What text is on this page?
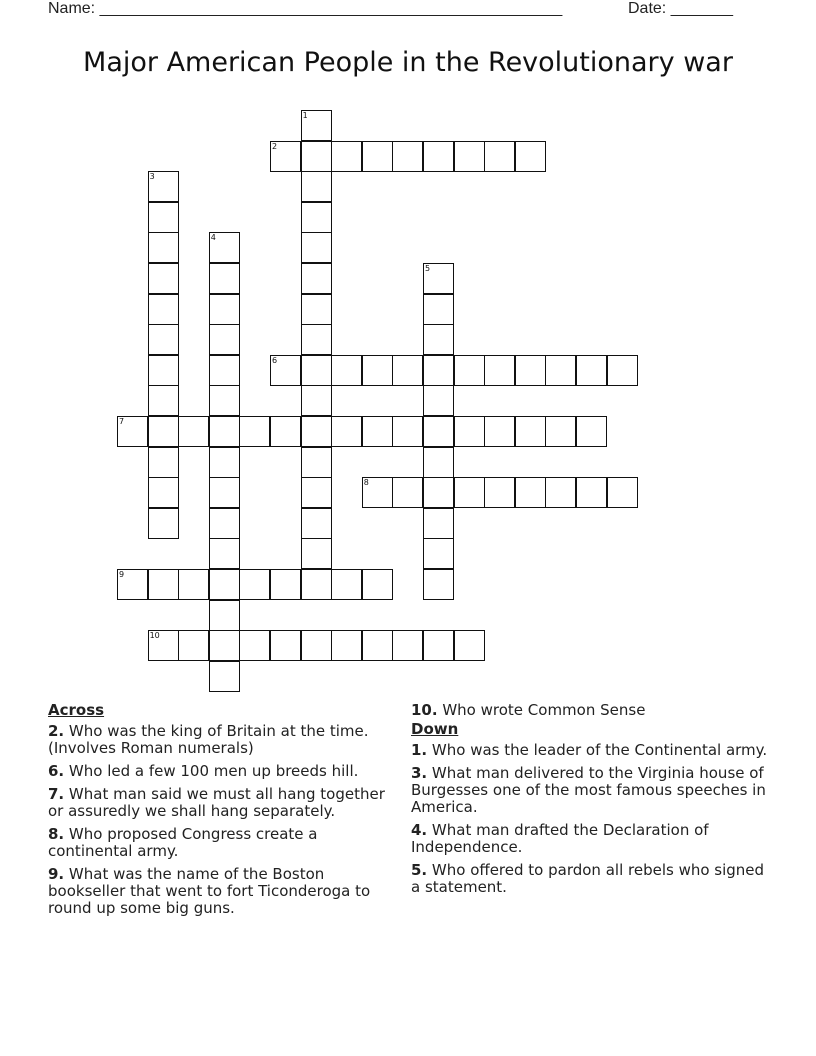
Name: ____________________________________________________	Date: _______
Major American People in the Revolutionary war
1
2
3
4
5
6
7
8
9
10
Across
2. Who was the king of Britain at the time. (Involves Roman numerals)
6. Who led a few 100 men up breeds hill.
7. What man said we must all hang together or assuredly we shall hang separately.
8. Who proposed Congress create a continental army.
9. What was the name of the Boston bookseller that went to fort Ticonderoga to round up some big guns.
10. Who wrote Common Sense
Down
1. Who was the leader of the Continental army.
3. What man delivered to the Virginia house of Burgesses one of the most famous speeches in America.
4. What man drafted the Declaration of Independence.
5. Who offered to pardon all rebels who signed a statement.
